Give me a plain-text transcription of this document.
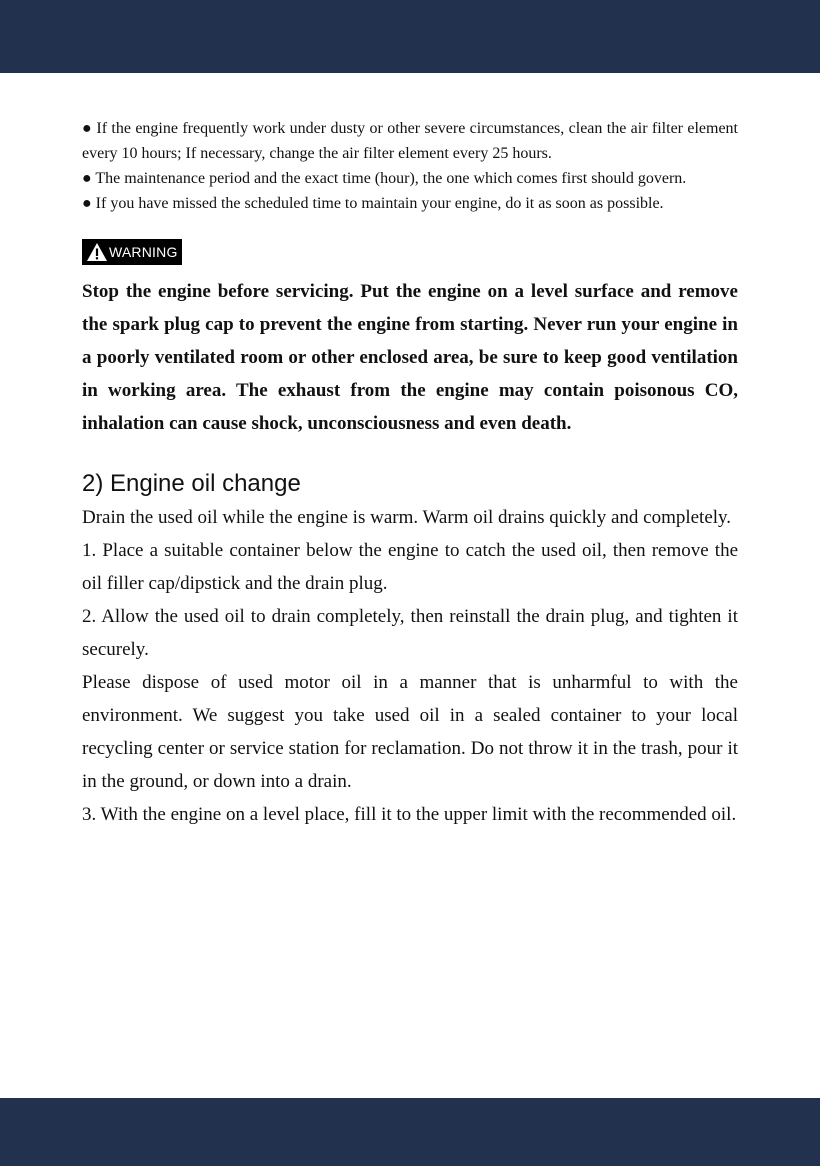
● If the engine frequently work under dusty or other severe circumstances, clean the air filter element every 10 hours; If necessary, change the air filter element every 25 hours.

● The maintenance period and the exact time (hour), the one which comes first should govern.

● If you have missed the scheduled time to maintain your engine, do it as soon as possible.

WARNING

Stop the engine before servicing. Put the engine on a level surface and remove the spark plug cap to prevent the engine from starting. Never run your engine in a poorly ventilated room or other enclosed area, be sure to keep good ventilation in working area. The exhaust from the engine may contain poisonous CO, inhalation can cause shock, unconsciousness and even death.

2) Engine oil change

Drain the used oil while the engine is warm. Warm oil drains quickly and completely.

1. Place a suitable container below the engine to catch the used oil, then remove the oil filler cap/dipstick and the drain plug.

2. Allow the used oil to drain completely, then reinstall the drain plug, and tighten it securely.

Please dispose of used motor oil in a manner that is unharmful to with the environment. We suggest you take used oil in a sealed container to your local recycling center or service station for reclamation. Do not throw it in the trash, pour it in the ground, or down into a drain.

3. With the engine on a level place, fill it to the upper limit with the recommended oil.
